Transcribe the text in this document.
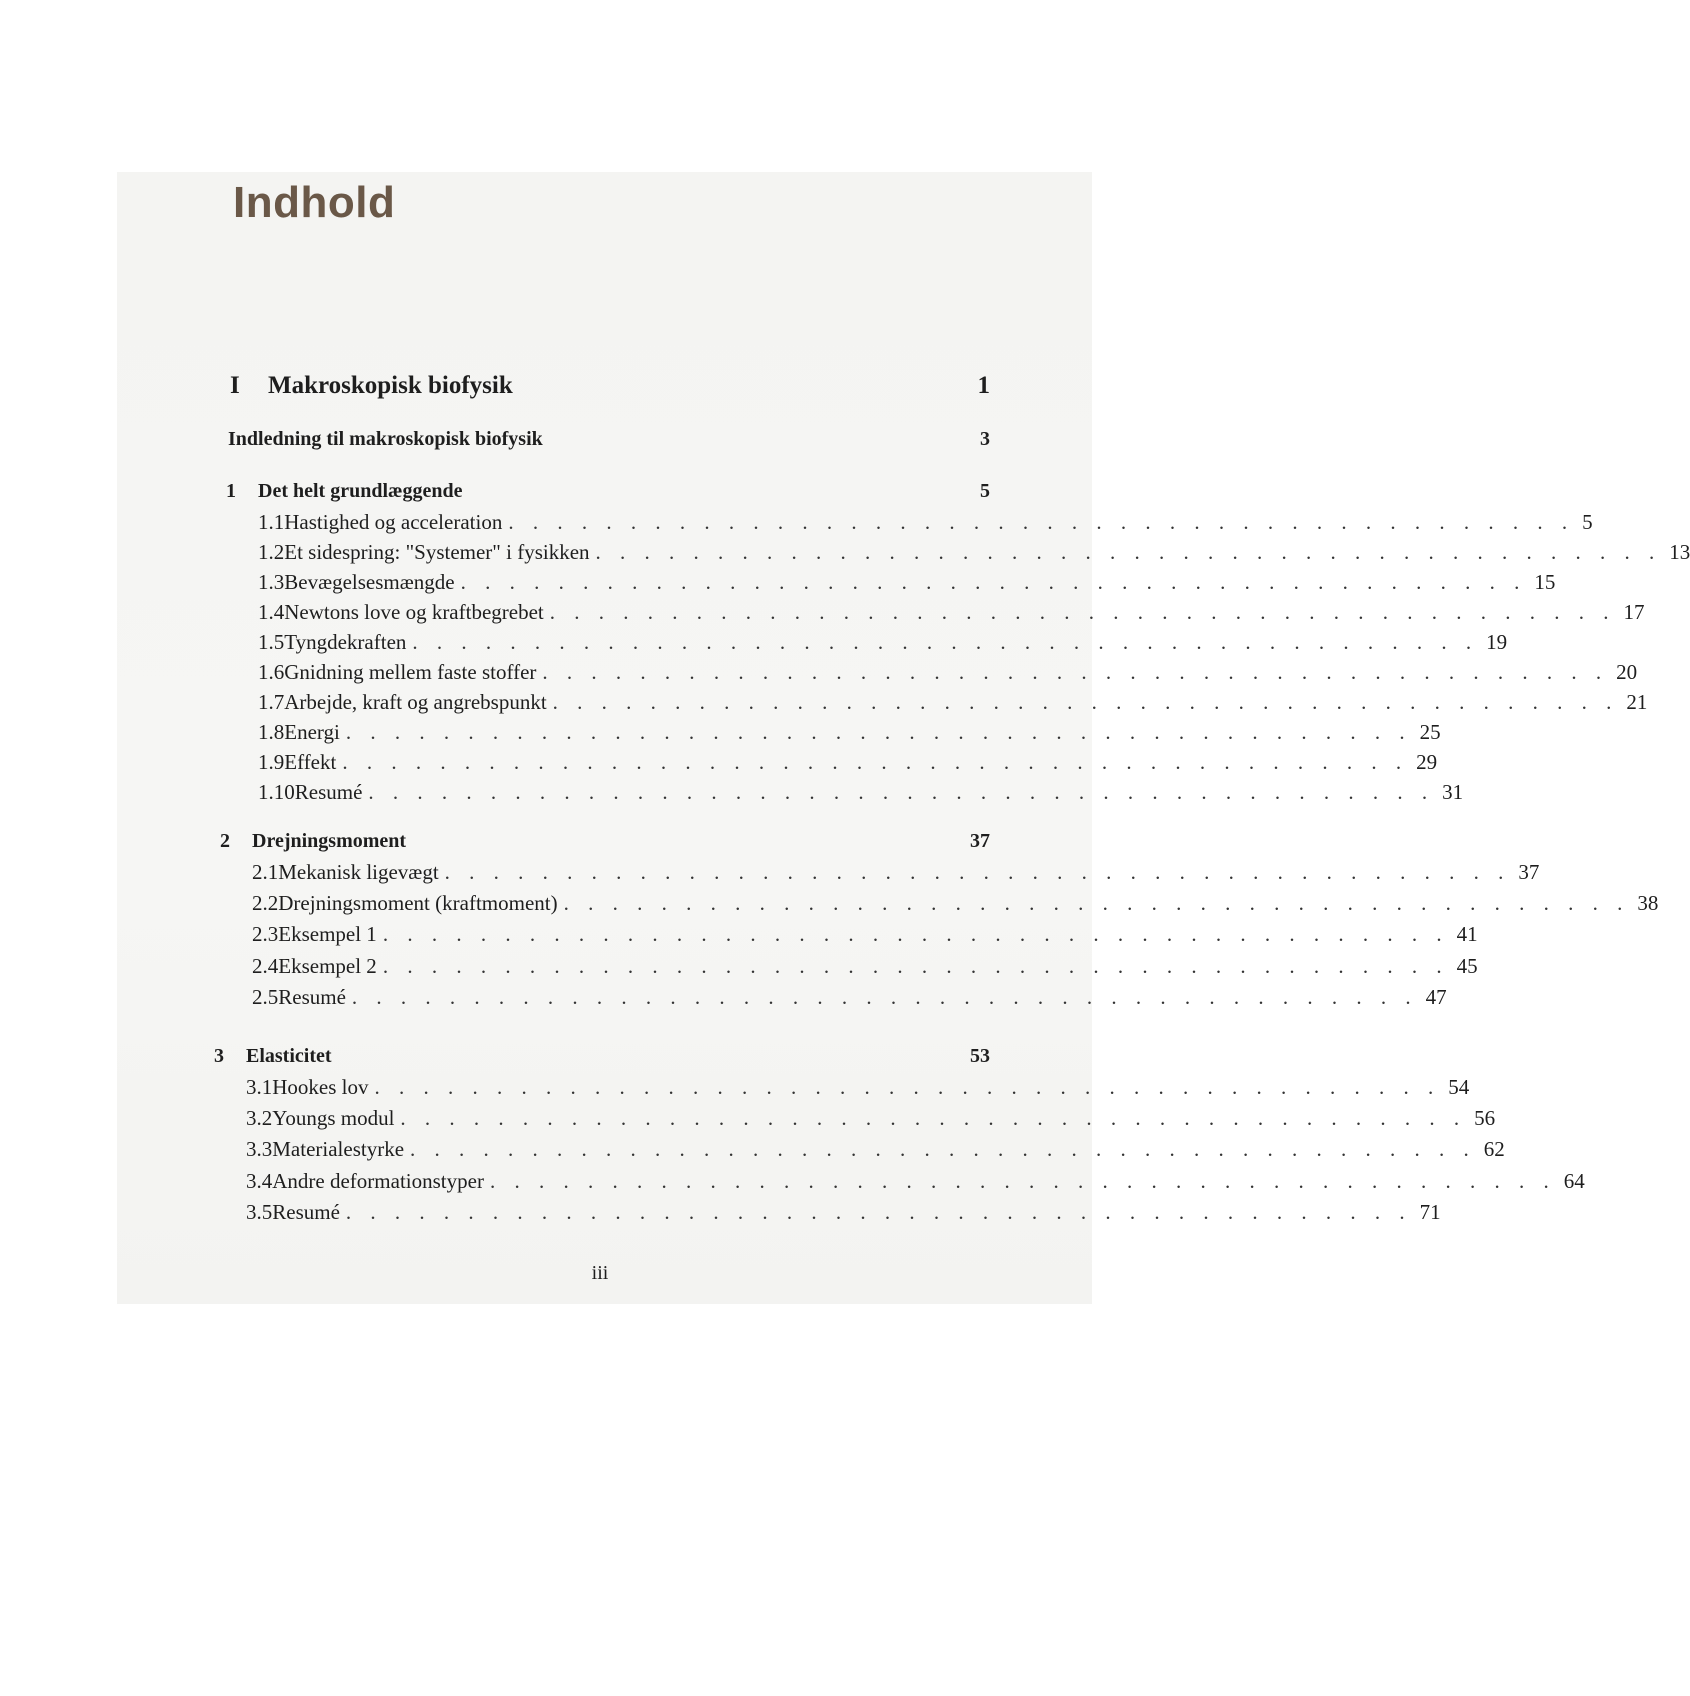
Indhold
I	Makroskopisk biofysik	1
Indledning til makroskopisk biofysik	3
1	Det helt grundlæggende	5
1.1 Hastighed og acceleration . . . . . . . . . . . . . . . . . . . . . . . . . . . . . . . . . . . . . . . . . . . . 5
1.2 Et sidespring: "Systemer" i fysikken . . . . . . . . . . . . . . . . . . . . . . . . . . . . . . . . . . . . . . . . . . . . 13
1.3 Bevægelsesmængde . . . . . . . . . . . . . . . . . . . . . . . . . . . . . . . . . . . . . . . . . . . . 15
1.4 Newtons love og kraftbegrebet . . . . . . . . . . . . . . . . . . . . . . . . . . . . . . . . . . . . . . . . . . . . 17
1.5 Tyngdekraften . . . . . . . . . . . . . . . . . . . . . . . . . . . . . . . . . . . . . . . . . . . . 19
1.6 Gnidning mellem faste stoffer . . . . . . . . . . . . . . . . . . . . . . . . . . . . . . . . . . . . . . . . . . . . 20
1.7 Arbejde, kraft og angrebspunkt . . . . . . . . . . . . . . . . . . . . . . . . . . . . . . . . . . . . . . . . . . . . 21
1.8 Energi . . . . . . . . . . . . . . . . . . . . . . . . . . . . . . . . . . . . . . . . . . . . 25
1.9 Effekt . . . . . . . . . . . . . . . . . . . . . . . . . . . . . . . . . . . . . . . . . . . . 29
1.10 Resumé . . . . . . . . . . . . . . . . . . . . . . . . . . . . . . . . . . . . . . . . . . . . 31
2	Drejningsmoment	37
2.1 Mekanisk ligevægt . . . . . . . . . . . . . . . . . . . . . . . . . . . . . . . . . . . . . . . . . . . . 37
2.2 Drejningsmoment (kraftmoment) . . . . . . . . . . . . . . . . . . . . . . . . . . . . . . . . . . . . . . . . . . . . 38
2.3 Eksempel 1 . . . . . . . . . . . . . . . . . . . . . . . . . . . . . . . . . . . . . . . . . . . . 41
2.4 Eksempel 2 . . . . . . . . . . . . . . . . . . . . . . . . . . . . . . . . . . . . . . . . . . . . 45
2.5 Resumé . . . . . . . . . . . . . . . . . . . . . . . . . . . . . . . . . . . . . . . . . . . . 47
3	Elasticitet	53
3.1 Hookes lov . . . . . . . . . . . . . . . . . . . . . . . . . . . . . . . . . . . . . . . . . . . . 54
3.2 Youngs modul . . . . . . . . . . . . . . . . . . . . . . . . . . . . . . . . . . . . . . . . . . . . 56
3.3 Materialestyrke . . . . . . . . . . . . . . . . . . . . . . . . . . . . . . . . . . . . . . . . . . . . 62
3.4 Andre deformationstyper . . . . . . . . . . . . . . . . . . . . . . . . . . . . . . . . . . . . . . . . . . . . 64
3.5 Resumé . . . . . . . . . . . . . . . . . . . . . . . . . . . . . . . . . . . . . . . . . . . . 71
iii
